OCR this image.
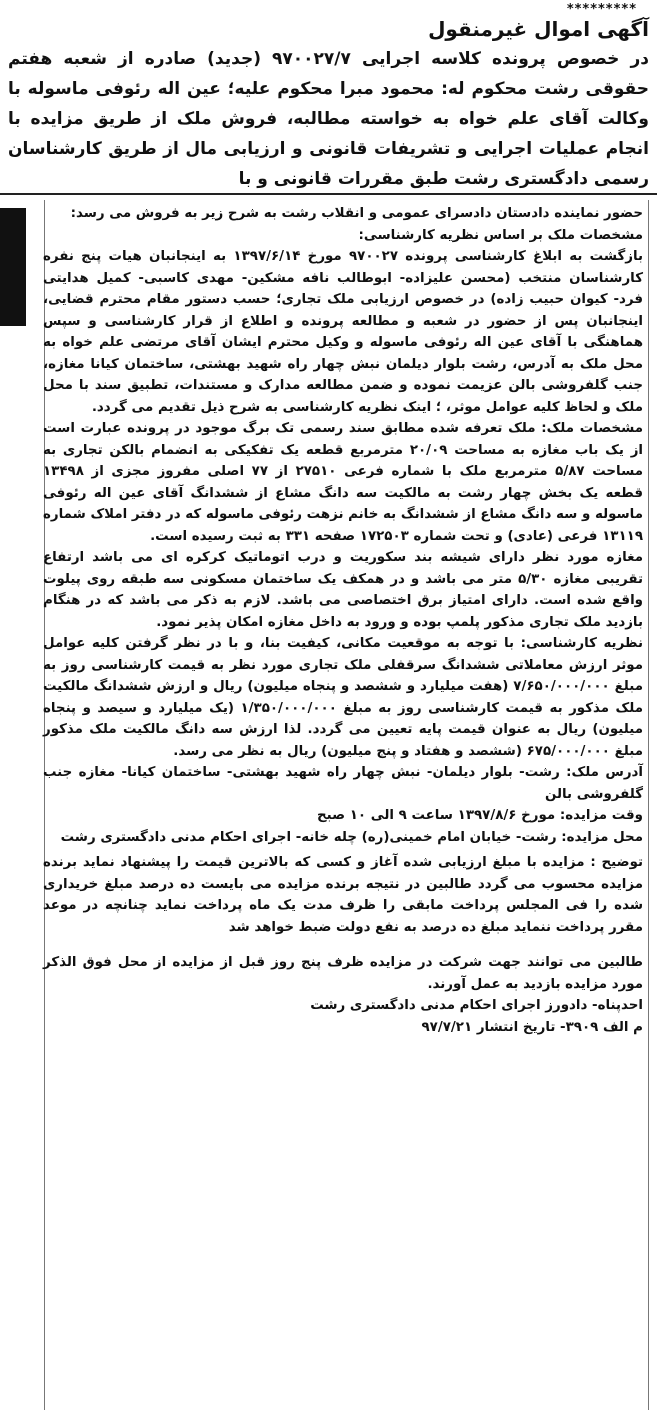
*********
آگهی اموال غیرمنقول

در خصوص پرونده کلاسه اجرایی ۹۷۰۰۲۷/۷ (جدید) صادره از شعبه هفتم حقوقی رشت محکوم له: محمود مبرا محکوم علیه؛ عین اله رئوفی ماسوله با وکالت آقای علم خواه به خواسته مطالبه، فروش ملک از طریق مزایده با انجام عملیات اجرایی و تشریفات قانونی و ارزیابی مال از طریق کارشناسان رسمی دادگستری رشت طبق مقررات قانونی و با

حضور نماینده دادستان دادسرای عمومی و انقلاب رشت به شرح زیر به فروش می رسد:

مشخصات ملک بر اساس نظریه کارشناسی:

بازگشت به ابلاغ کارشناسی پرونده ۹۷۰۰۲۷ مورخ ۱۳۹۷/۶/۱۴ به اینجانبان هیات پنج نفره کارشناسان منتخب (محسن علیزاده- ابوطالب نافه مشکین- مهدی کاسبی- کمیل هدایتی فرد- کیوان حبیب زاده) در خصوص ارزیابی ملک تجاری؛ حسب دستور مقام محترم قضایی، اینجانبان پس از حضور در شعبه و مطالعه پرونده و اطلاع از قرار کارشناسی و سپس هماهنگی با آقای عین اله رئوفی ماسوله و وکیل محترم ایشان آقای مرتضی علم خواه به محل ملک به آدرس، رشت بلوار دیلمان نبش چهار راه شهید بهشتی، ساختمان کیانا مغازه، جنب گلفروشی بالن عزیمت نموده و ضمن مطالعه مدارک و مستندات، تطبیق سند با محل ملک و لحاظ کلیه عوامل موثر، ؛ اینک نظریه کارشناسی به شرح ذیل تقدیم می گردد.

مشخصات ملک: ملک تعرفه شده مطابق سند رسمی تک برگ موجود در پرونده عبارت است از یک باب مغازه به مساحت ۲۰/۰۹ مترمربع قطعه یک تفکیکی به انضمام بالکن تجاری به مساحت ۵/۸۷ مترمربع ملک با شماره فرعی ۲۷۵۱۰ از ۷۷ اصلی مفروز مجزی از ۱۳۴۹۸ قطعه یک بخش چهار رشت به مالکیت سه دانگ مشاع از ششدانگ آقای عین اله رئوفی ماسوله و سه دانگ مشاع از ششدانگ به خانم نزهت رئوفی ماسوله که در دفتر املاک شماره ۱۳۱۱۹ فرعی (عادی) و تحت شماره ۱۷۲۵۰۳ صفحه ۳۳۱ به ثبت رسیده است.

مغازه مورد نظر دارای شیشه بند سکوریت و درب اتوماتیک کرکره ای می باشد ارتفاع تقریبی مغازه ۵/۳۰ متر می باشد و در همکف یک ساختمان مسکونی سه طبقه روی پیلوت واقع شده است. دارای امتیاز برق اختصاصی می باشد. لازم به ذکر می باشد که در هنگام بازدید ملک تجاری مذکور پلمپ بوده و ورود به داخل مغازه امکان پذیر نمود.

نظریه کارشناسی: با توجه به موقعیت مکانی، کیفیت بنا، و با در نظر گرفتن کلیه عوامل موثر ارزش معاملاتی ششدانگ سرقفلی ملک تجاری مورد نظر به قیمت کارشناسی روز به مبلغ ۷/۶۵۰/۰۰۰/۰۰۰ (هفت میلیارد و ششصد و پنجاه میلیون) ریال و ارزش ششدانگ مالکیت ملک مذکور به قیمت کارشناسی روز به مبلغ ۱/۳۵۰/۰۰۰/۰۰۰ (یک میلیارد و سیصد و پنجاه میلیون) ریال به عنوان قیمت پایه تعیین می گردد. لذا ارزش سه دانگ مالکیت ملک مذکور مبلغ ۶۷۵/۰۰۰/۰۰۰ (ششصد و هفتاد و پنج میلیون) ریال به نظر می رسد.

آدرس ملک: رشت- بلوار دیلمان- نبش چهار راه شهید بهشتی- ساختمان کیانا- مغازه جنب گلفروشی بالن

وقت مزایده: مورخ ۱۳۹۷/۸/۶ ساعت ۹ الی ۱۰ صبح

محل مزایده: رشت- خیابان امام خمینی(ره) چله خانه- اجرای احکام مدنی دادگستری رشت

توضیح : مزایده با مبلغ ارزیابی شده آغاز و کسی که بالاترین قیمت را پیشنهاد نماید برنده مزایده محسوب می گردد طالبین در نتیجه برنده مزایده می بایست ده درصد مبلغ خریداری شده را فی المجلس پرداخت مابقی را ظرف مدت یک ماه پرداخت نماید چنانچه در موعد مقرر پرداخت ننماید مبلغ ده درصد به نفع دولت ضبط خواهد شد

طالبین می توانند جهت شرکت در مزایده ظرف پنج روز قبل از مزایده از محل فوق الذکر مورد مزایده بازدید به عمل آورند.

احدپناه- دادورز اجرای احکام مدنی دادگستری رشت

م الف ۳۹۰۹- تاریخ انتشار ۹۷/۷/۲۱
